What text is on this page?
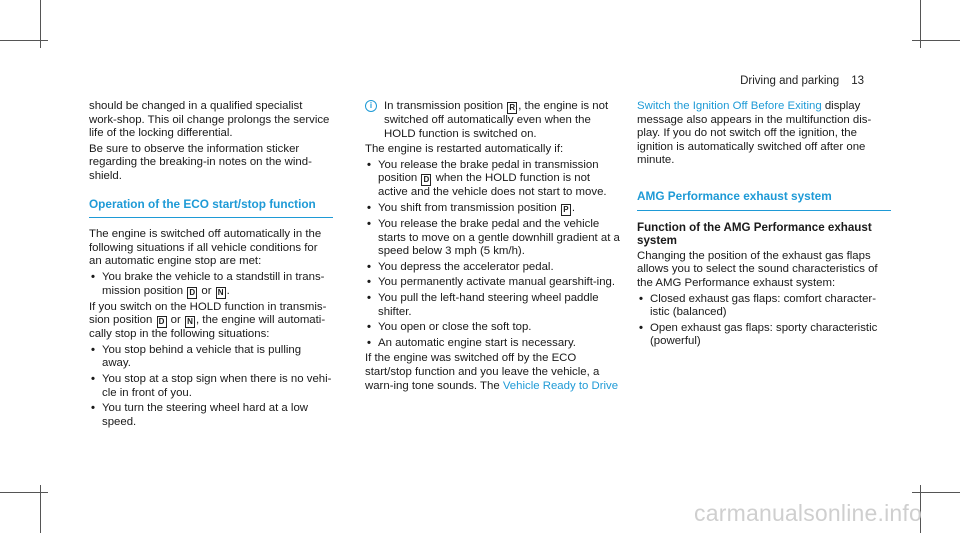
Driving and parking 13

should be changed in a qualified specialist work-shop. This oil change prolongs the service life of the locking differential.

Be sure to observe the information sticker regarding the breaking-in notes on the wind-shield.

Operation of the ECO start/stop function

The engine is switched off automatically in the following situations if all vehicle conditions for an automatic engine stop are met:

• You brake the vehicle to a standstill in trans-mission position D or N .

If you switch on the HOLD function in transmis-sion position D or N , the engine will automati-cally stop in the following situations:

• You stop behind a vehicle that is pulling away.
• You stop at a stop sign when there is no vehi-cle in front of you.
• You turn the steering wheel hard at a low speed.
i	In transmission position R , the engine is not switched off automatically even when the HOLD function is switched on.

The engine is restarted automatically if:

• You release the brake pedal in transmission position D when the HOLD function is not active and the vehicle does not start to move.
• You shift from transmission position P .
• You release the brake pedal and the vehicle starts to move on a gentle downhill gradient at a speed below 3 mph (5 km/h).
• You depress the accelerator pedal.
• You permanently activate manual gearshift-ing.
• You pull the left-hand steering wheel paddle shifter.
• You open or close the soft top.
• An automatic engine start is necessary.

If the engine was switched off by the ECO start/stop function and you leave the vehicle, a warn-ing tone sounds. The Vehicle Ready to Drive

Switch the Ignition Off Before Exiting display message also appears in the multifunction dis-play. If you do not switch off the ignition, the ignition is automatically switched off after one minute.

AMG Performance exhaust system
Function of the AMG Performance exhaust system

Changing the position of the exhaust gas flaps allows you to select the sound characteristics of the AMG Performance exhaust system:

• Closed exhaust gas flaps: comfort character-istic (balanced)
• Open exhaust gas flaps: sporty characteristic (powerful)
carmanualsonline.info
